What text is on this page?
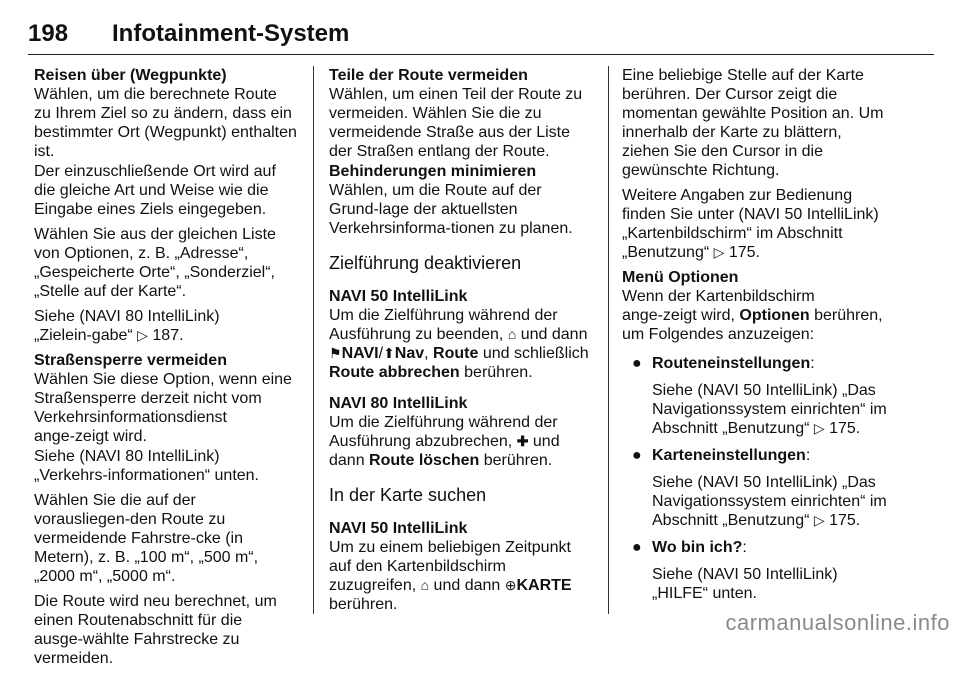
198 Infotainment-System

Reisen über (Wegpunkte)
Wählen, um die berechnete Route zu Ihrem Ziel so zu ändern, dass ein bestimmter Ort (Wegpunkt) enthalten ist.

Der einzuschließende Ort wird auf die gleiche Art und Weise wie die Eingabe eines Ziels eingegeben.

Wählen Sie aus der gleichen Liste von Optionen, z. B. „Adresse“, „Gespeicherte Orte“, „Sonderziel“, „Stelle auf der Karte“.

Siehe (NAVI 80 IntelliLink) „Zielein‑gabe“ ▷ 187.

Straßensperre vermeiden
Wählen Sie diese Option, wenn eine Straßensperre derzeit nicht vom Verkehrsinformationsdienst ange‑zeigt wird.

Siehe (NAVI 80 IntelliLink) „Verkehrs‑informationen“ unten.

Wählen Sie die auf der vorausliegen‑den Route zu vermeidende Fahrstre‑cke (in Metern), z. B. „100 m“, „500 m“, „2000 m“, „5000 m“.

Die Route wird neu berechnet, um einen Routenabschnitt für die ausge‑wählte Fahrstrecke zu vermeiden.

Teile der Route vermeiden
Wählen, um einen Teil der Route zu vermeiden. Wählen Sie die zu vermeidende Straße aus der Liste der Straßen entlang der Route.

Behinderungen minimieren
Wählen, um die Route auf der Grund‑lage der aktuellsten Verkehrsinforma‑tionen zu planen.

Zielführung deaktivieren

NAVI 50 IntelliLink
Um die Zielführung während der Ausführung zu beenden, ⌂ und dann ⚑NAVI/⬆Nav, Route und schließlich Route abbrechen berühren.

NAVI 80 IntelliLink
Um die Zielführung während der Ausführung abzubrechen, ✚ und dann Route löschen berühren.

In der Karte suchen

NAVI 50 IntelliLink
Um zu einem beliebigen Zeitpunkt auf den Kartenbildschirm zuzugreifen, ⌂ und dann ⊕KARTE berühren.

Eine beliebige Stelle auf der Karte berühren. Der Cursor zeigt die momentan gewählte Position an. Um innerhalb der Karte zu blättern, ziehen Sie den Cursor in die gewünschte Richtung.

Weitere Angaben zur Bedienung finden Sie unter (NAVI 50 IntelliLink) „Kartenbildschirm“ im Abschnitt „Benutzung“ ▷ 175.

Menü Optionen
Wenn der Kartenbildschirm ange‑zeigt wird, Optionen berühren, um Folgendes anzuzeigen:

● Routeneinstellungen:
Siehe (NAVI 50 IntelliLink) „Das Navigationssystem einrichten“ im Abschnitt „Benutzung“ ▷ 175.
● Karteneinstellungen:
Siehe (NAVI 50 IntelliLink) „Das Navigationssystem einrichten“ im Abschnitt „Benutzung“ ▷ 175.
● Wo bin ich?:
Siehe (NAVI 50 IntelliLink) „HILFE“ unten.
carmanualsonline.info
